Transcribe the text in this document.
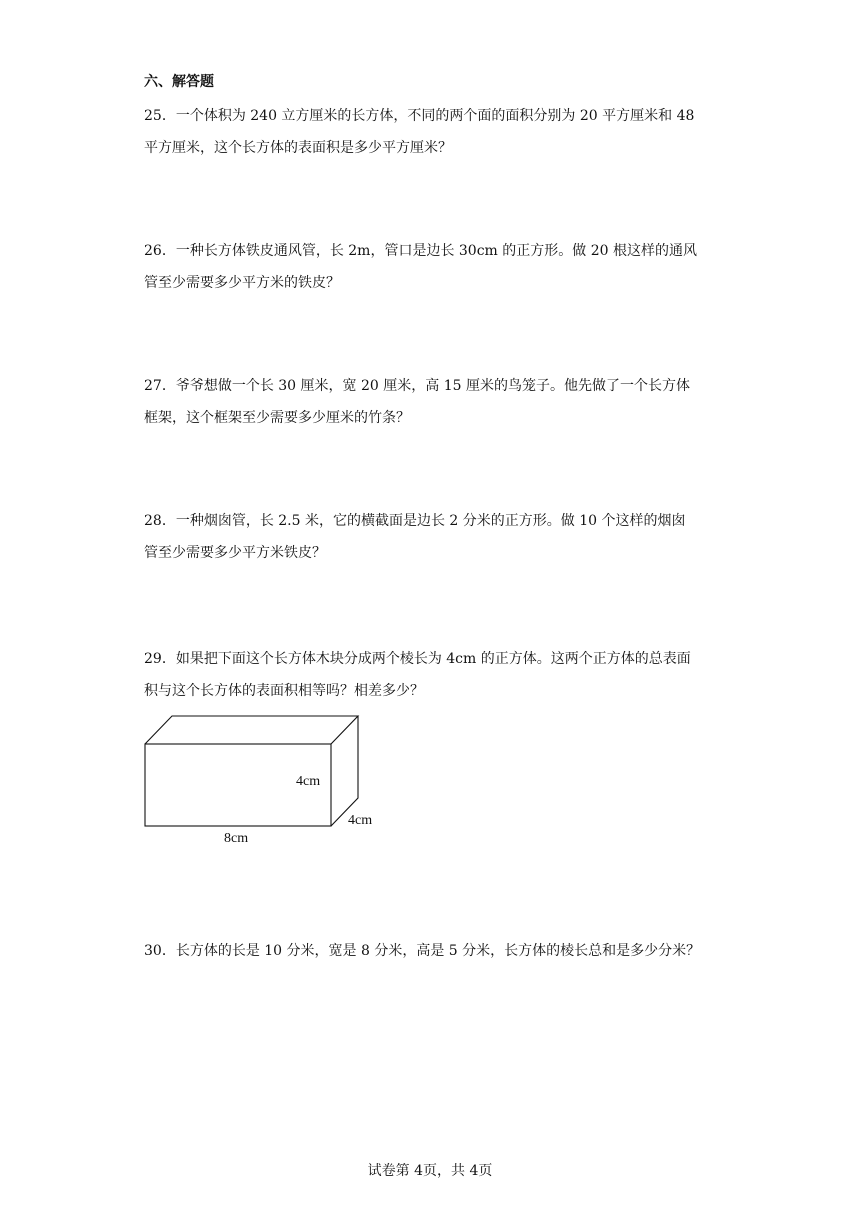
六、解答题
25．一个体积为 240 立方厘米的长方体，不同的两个面的面积分别为 20 平方厘米和 48
平方厘米，这个长方体的表面积是多少平方厘米？
26．一种长方体铁皮通风管，长 2m，管口是边长 30cm 的正方形。做 20 根这样的通风
管至少需要多少平方米的铁皮？
27．爷爷想做一个长 30 厘米，宽 20 厘米，高 15 厘米的鸟笼子。他先做了一个长方体
框架，这个框架至少需要多少厘米的竹条？
28．一种烟囱管，长 2.5 米，它的横截面是边长 2 分米的正方形。做 10 个这样的烟囱
管至少需要多少平方米铁皮？
29．如果把下面这个长方体木块分成两个棱长为 4cm 的正方体。这两个正方体的总表面
积与这个长方体的表面积相等吗？相差多少？
4cm
4cm
8cm
30．长方体的长是 10 分米，宽是 8 分米，高是 5 分米，长方体的棱长总和是多少分米？
试卷第 4页，共 4页
